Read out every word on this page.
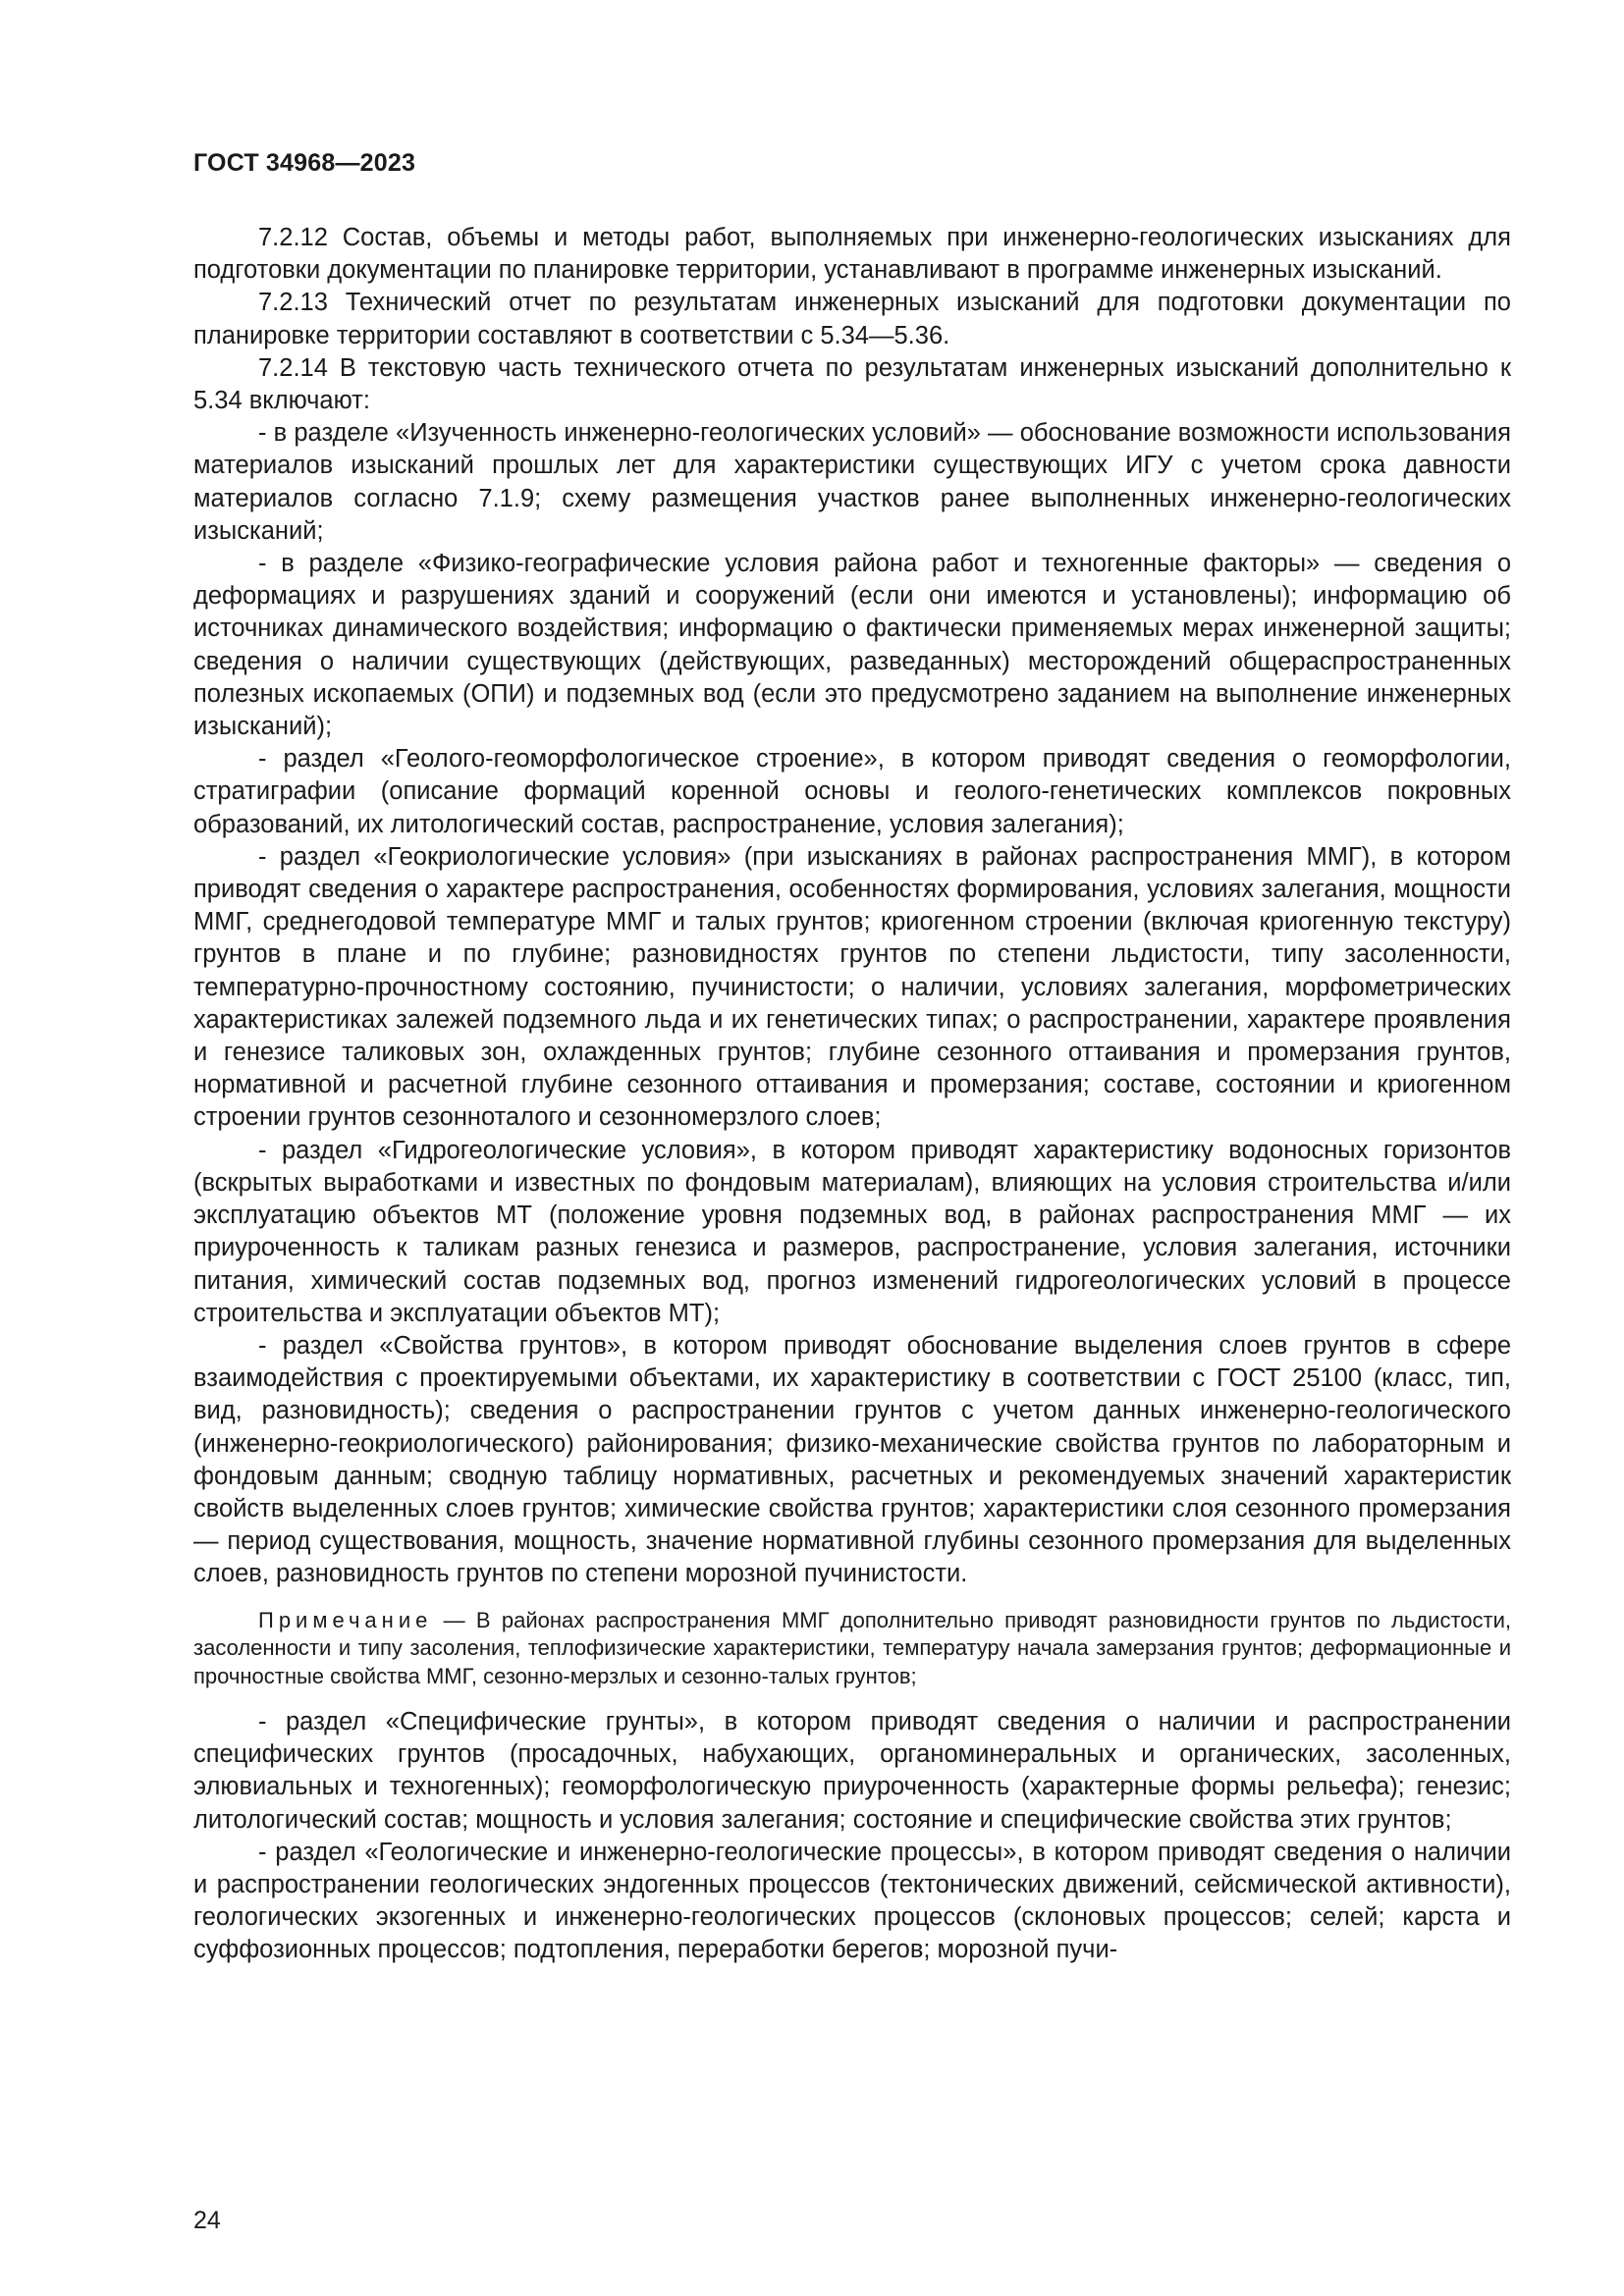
ГОСТ 34968—2023

7.2.12 Состав, объемы и методы работ, выполняемых при инженерно-геологических изысканиях для подготовки документации по планировке территории, устанавливают в программе инженерных изысканий.

7.2.13 Технический отчет по результатам инженерных изысканий для подготовки документации по планировке территории составляют в соответствии с 5.34—5.36.

7.2.14 В текстовую часть технического отчета по результатам инженерных изысканий дополнительно к 5.34 включают:

- в разделе «Изученность инженерно-геологических условий» — обоснование возможности использования материалов изысканий прошлых лет для характеристики существующих ИГУ с учетом срока давности материалов согласно 7.1.9; схему размещения участков ранее выполненных инженерно-геологических изысканий;

- в разделе «Физико-географические условия района работ и техногенные факторы» — сведения о деформациях и разрушениях зданий и сооружений (если они имеются и установлены); информацию об источниках динамического воздействия; информацию о фактически применяемых мерах инженерной защиты; сведения о наличии существующих (действующих, разведанных) месторождений общераспространенных полезных ископаемых (ОПИ) и подземных вод (если это предусмотрено заданием на выполнение инженерных изысканий);

- раздел «Геолого-геоморфологическое строение», в котором приводят сведения о геоморфологии, стратиграфии (описание формаций коренной основы и геолого-генетических комплексов покровных образований, их литологический состав, распространение, условия залегания);

- раздел «Геокриологические условия» (при изысканиях в районах распространения ММГ), в котором приводят сведения о характере распространения, особенностях формирования, условиях залегания, мощности ММГ, среднегодовой температуре ММГ и талых грунтов; криогенном строении (включая криогенную текстуру) грунтов в плане и по глубине; разновидностях грунтов по степени льдистости, типу засоленности, температурно-прочностному состоянию, пучинистости; о наличии, условиях залегания, морфометрических характеристиках залежей подземного льда и их генетических типах; о распространении, характере проявления и генезисе таликовых зон, охлажденных грунтов; глубине сезонного оттаивания и промерзания грунтов, нормативной и расчетной глубине сезонного оттаивания и промерзания; составе, состоянии и криогенном строении грунтов сезонноталого и сезонномерзлого слоев;

- раздел «Гидрогеологические условия», в котором приводят характеристику водоносных горизонтов (вскрытых выработками и известных по фондовым материалам), влияющих на условия строительства и/или эксплуатацию объектов МТ (положение уровня подземных вод, в районах распространения ММГ — их приуроченность к таликам разных генезиса и размеров, распространение, условия залегания, источники питания, химический состав подземных вод, прогноз изменений гидрогеологических условий в процессе строительства и эксплуатации объектов МТ);

- раздел «Свойства грунтов», в котором приводят обоснование выделения слоев грунтов в сфере взаимодействия с проектируемыми объектами, их характеристику в соответствии с ГОСТ 25100 (класс, тип, вид, разновидность); сведения о распространении грунтов с учетом данных инженерно-геологического (инженерно-геокриологического) районирования; физико-механические свойства грунтов по лабораторным и фондовым данным; сводную таблицу нормативных, расчетных и рекомендуемых значений характеристик свойств выделенных слоев грунтов; химические свойства грунтов; характеристики слоя сезонного промерзания — период существования, мощность, значение нормативной глубины сезонного промерзания для выделенных слоев, разновидность грунтов по степени морозной пучинистости.

Примечание — В районах распространения ММГ дополнительно приводят разновидности грунтов по льдистости, засоленности и типу засоления, теплофизические характеристики, температуру начала замерзания грунтов; деформационные и прочностные свойства ММГ, сезонно-мерзлых и сезонно-талых грунтов;

- раздел «Специфические грунты», в котором приводят сведения о наличии и распространении специфических грунтов (просадочных, набухающих, органоминеральных и органических, засоленных, элювиальных и техногенных); геоморфологическую приуроченность (характерные формы рельефа); генезис; литологический состав; мощность и условия залегания; состояние и специфические свойства этих грунтов;

- раздел «Геологические и инженерно-геологические процессы», в котором приводят сведения о наличии и распространении геологических эндогенных процессов (тектонических движений, сейсмической активности), геологических экзогенных и инженерно-геологических процессов (склоновых процессов; селей; карста и суффозионных процессов; подтопления, переработки берегов; морозной пучи-

24
